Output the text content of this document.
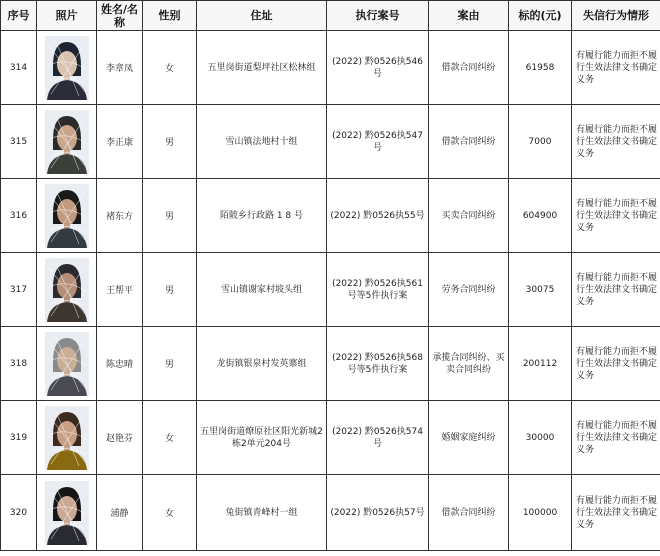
序号	照片	姓名/名称	性别	住址	执行案号	案由	标的(元)	失信行为情形
314		李章凤	女	五里岗街道梨坪社区松林组	(2022) 黔0526执546号	借款合同纠纷	61958	有履行能力而拒不履行生效法律文书确定义务
315		李正康	男	雪山镇法地村十组	(2022) 黔0526执547号	借款合同纠纷	7000	有履行能力而拒不履行生效法律文书确定义务
316		褚东方	男	陌陂乡行政路 1 8 号	(2022) 黔0526执55号	买卖合同纠纷	604900	有履行能力而拒不履行生效法律文书确定义务
317		王帮平	男	雪山镇谢家村坡头组	(2022) 黔0526执561号等5件执行案	劳务合同纠纷	30075	有履行能力而拒不履行生效法律文书确定义务
318		陈忠晴	男	龙街镇银泉村发英寨组	(2022) 黔0526执568号等5件执行案	承揽合同纠纷、买卖合同纠纷	200112	有履行能力而拒不履行生效法律文书确定义务
319		赵艳芬	女	五里岗街道燎原社区阳光新城2栋2单元204号	(2022) 黔0526执574号	婚姻家庭纠纷	30000	有履行能力而拒不履行生效法律文书确定义务
320		浦静	女	兔街镇青峰村一组	(2022) 黔0526执57号	借款合同纠纷	100000	有履行能力而拒不履行生效法律文书确定义务
